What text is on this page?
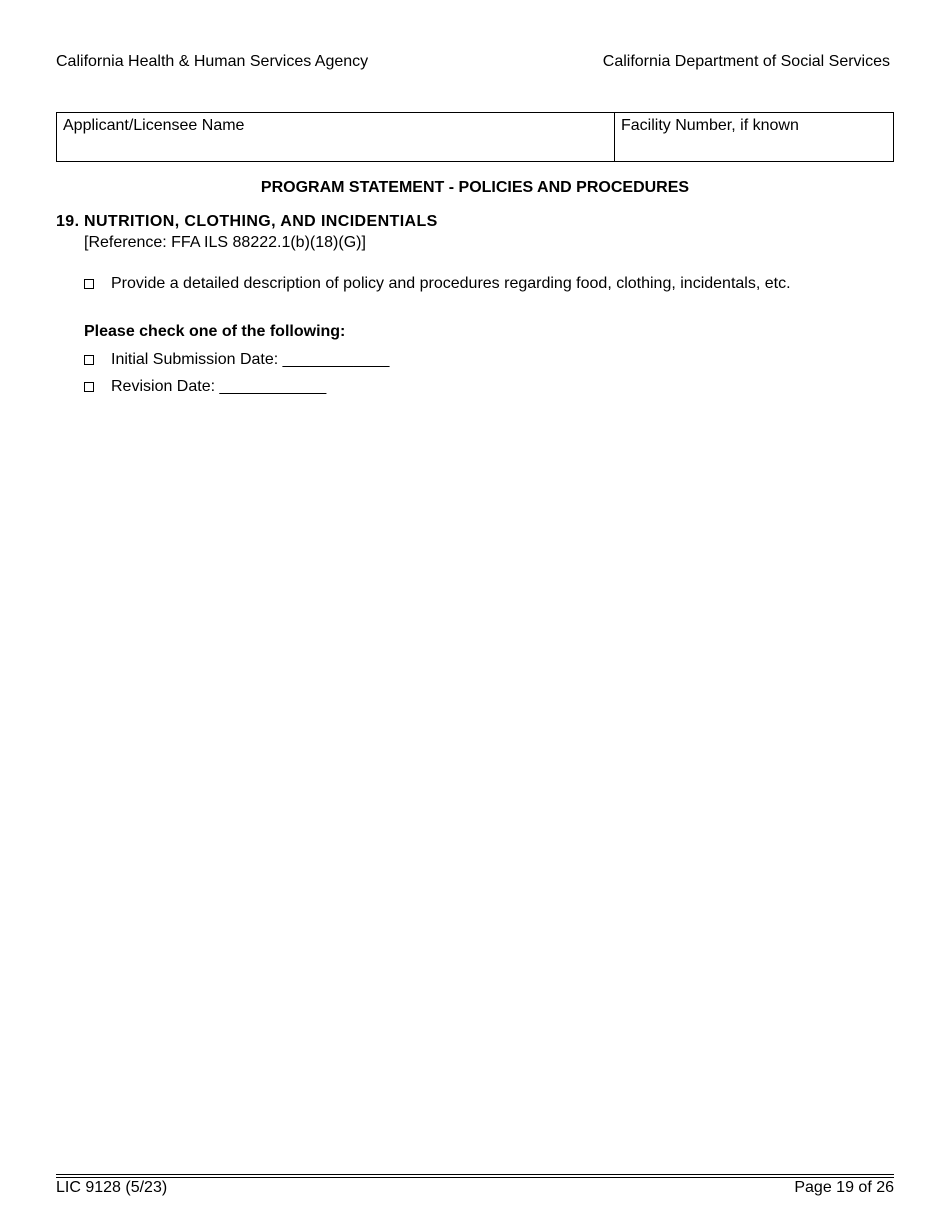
California Health & Human Services Agency	California Department of Social Services
Applicant/Licensee Name	Facility Number, if known
PROGRAM STATEMENT - POLICIES AND PROCEDURES
19. NUTRITION, CLOTHING, AND INCIDENTIALS
[Reference: FFA ILS 88222.1(b)(18)(G)]
Provide a detailed description of policy and procedures regarding food, clothing, incidentals, etc.
Please check one of the following:
Initial Submission Date: ____________
Revision Date: ____________
LIC 9128 (5/23)	Page 19 of 26
